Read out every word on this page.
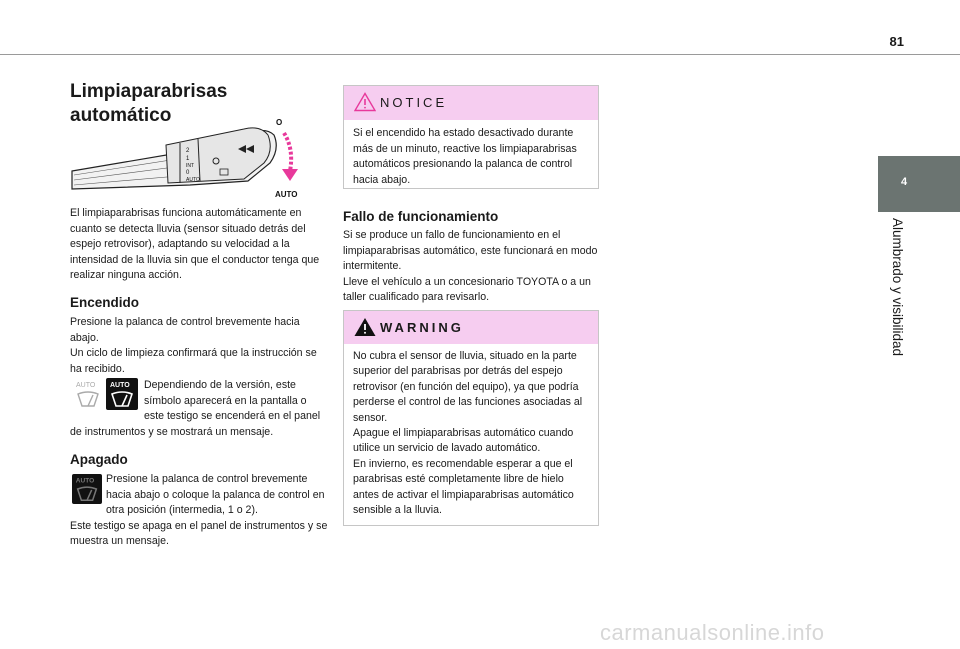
81
4
Alumbrado y visibilidad
Limpiaparabrisas automático
2
1
INT
0
AUTO
O
AUTO

El limpiaparabrisas funciona automáticamente en cuanto se detecta lluvia (sensor situado detrás del espejo retrovisor), adaptando su velocidad a la intensidad de la lluvia sin que el conductor tenga que realizar ninguna acción.

Encendido

Presione la palanca de control brevemente hacia abajo.

Un ciclo de limpieza confirmará que la instrucción se ha recibido.

AUTO AUTO	Dependiendo de la versión, este símbolo aparecerá en la pantalla o este testigo se encenderá en el panel de instrumentos y se mostrará un mensaje.

Apagado
AUTO	Presione la palanca de control brevemente hacia abajo o coloque la palanca de control en otra posición (intermedia, 1 o 2).

Este testigo se apaga en el panel de instrumentos y se muestra un mensaje.

NOTICE

Si el encendido ha estado desactivado durante más de un minuto, reactive los limpiaparabrisas automáticos presionando la palanca de control hacia abajo.

Fallo de funcionamiento

Si se produce un fallo de funcionamiento en el limpiaparabrisas automático, este funcionará en modo intermitente.

Lleve el vehículo a un concesionario TOYOTA o a un taller cualificado para revisarlo.

WARNING

No cubra el sensor de lluvia, situado en la parte superior del parabrisas por detrás del espejo retrovisor (en función del equipo), ya que podría perderse el control de las funciones asociadas al sensor.

Apague el limpiaparabrisas automático cuando utilice un servicio de lavado automático.

En invierno, es recomendable esperar a que el parabrisas esté completamente libre de hielo antes de activar el limpiaparabrisas automático sensible a la lluvia.

carmanualsonline.info
